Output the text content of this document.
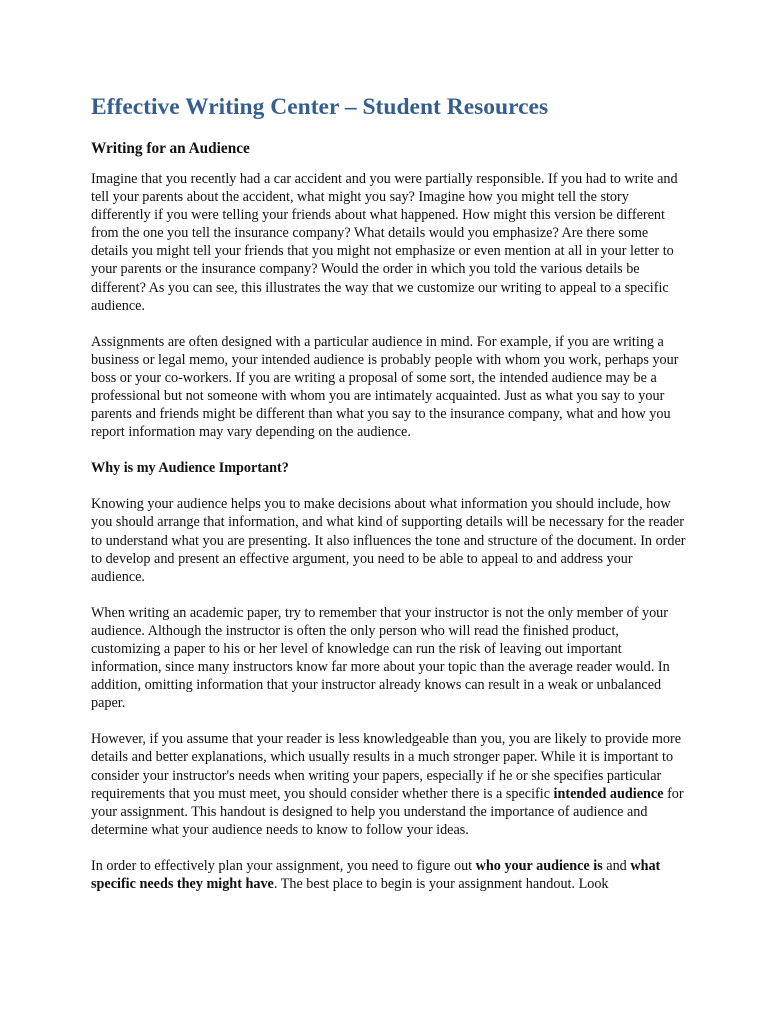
Effective Writing Center – Student Resources
Writing for an Audience

Imagine that you recently had a car accident and you were partially responsible. If you had to write and tell your parents about the accident, what might you say? Imagine how you might tell the story differently if you were telling your friends about what happened. How might this version be different from the one you tell the insurance company? What details would you emphasize? Are there some details you might tell your friends that you might not emphasize or even mention at all in your letter to your parents or the insurance company? Would the order in which you told the various details be different? As you can see, this illustrates the way that we customize our writing to appeal to a specific audience.

Assignments are often designed with a particular audience in mind. For example, if you are writing a business or legal memo, your intended audience is probably people with whom you work, perhaps your boss or your co-workers. If you are writing a proposal of some sort, the intended audience may be a professional but not someone with whom you are intimately acquainted. Just as what you say to your parents and friends might be different than what you say to the insurance company, what and how you report information may vary depending on the audience.

Why is my Audience Important?

Knowing your audience helps you to make decisions about what information you should include, how you should arrange that information, and what kind of supporting details will be necessary for the reader to understand what you are presenting. It also influences the tone and structure of the document. In order to develop and present an effective argument, you need to be able to appeal to and address your audience.

When writing an academic paper, try to remember that your instructor is not the only member of your audience. Although the instructor is often the only person who will read the finished product, customizing a paper to his or her level of knowledge can run the risk of leaving out important information, since many instructors know far more about your topic than the average reader would. In addition, omitting information that your instructor already knows can result in a weak or unbalanced paper.

However, if you assume that your reader is less knowledgeable than you, you are likely to provide more details and better explanations, which usually results in a much stronger paper. While it is important to consider your instructor's needs when writing your papers, especially if he or she specifies particular requirements that you must meet, you should consider whether there is a specific intended audience for your assignment. This handout is designed to help you understand the importance of audience and determine what your audience needs to know to follow your ideas.

In order to effectively plan your assignment, you need to figure out who your audience is and what specific needs they might have. The best place to begin is your assignment handout. Look
